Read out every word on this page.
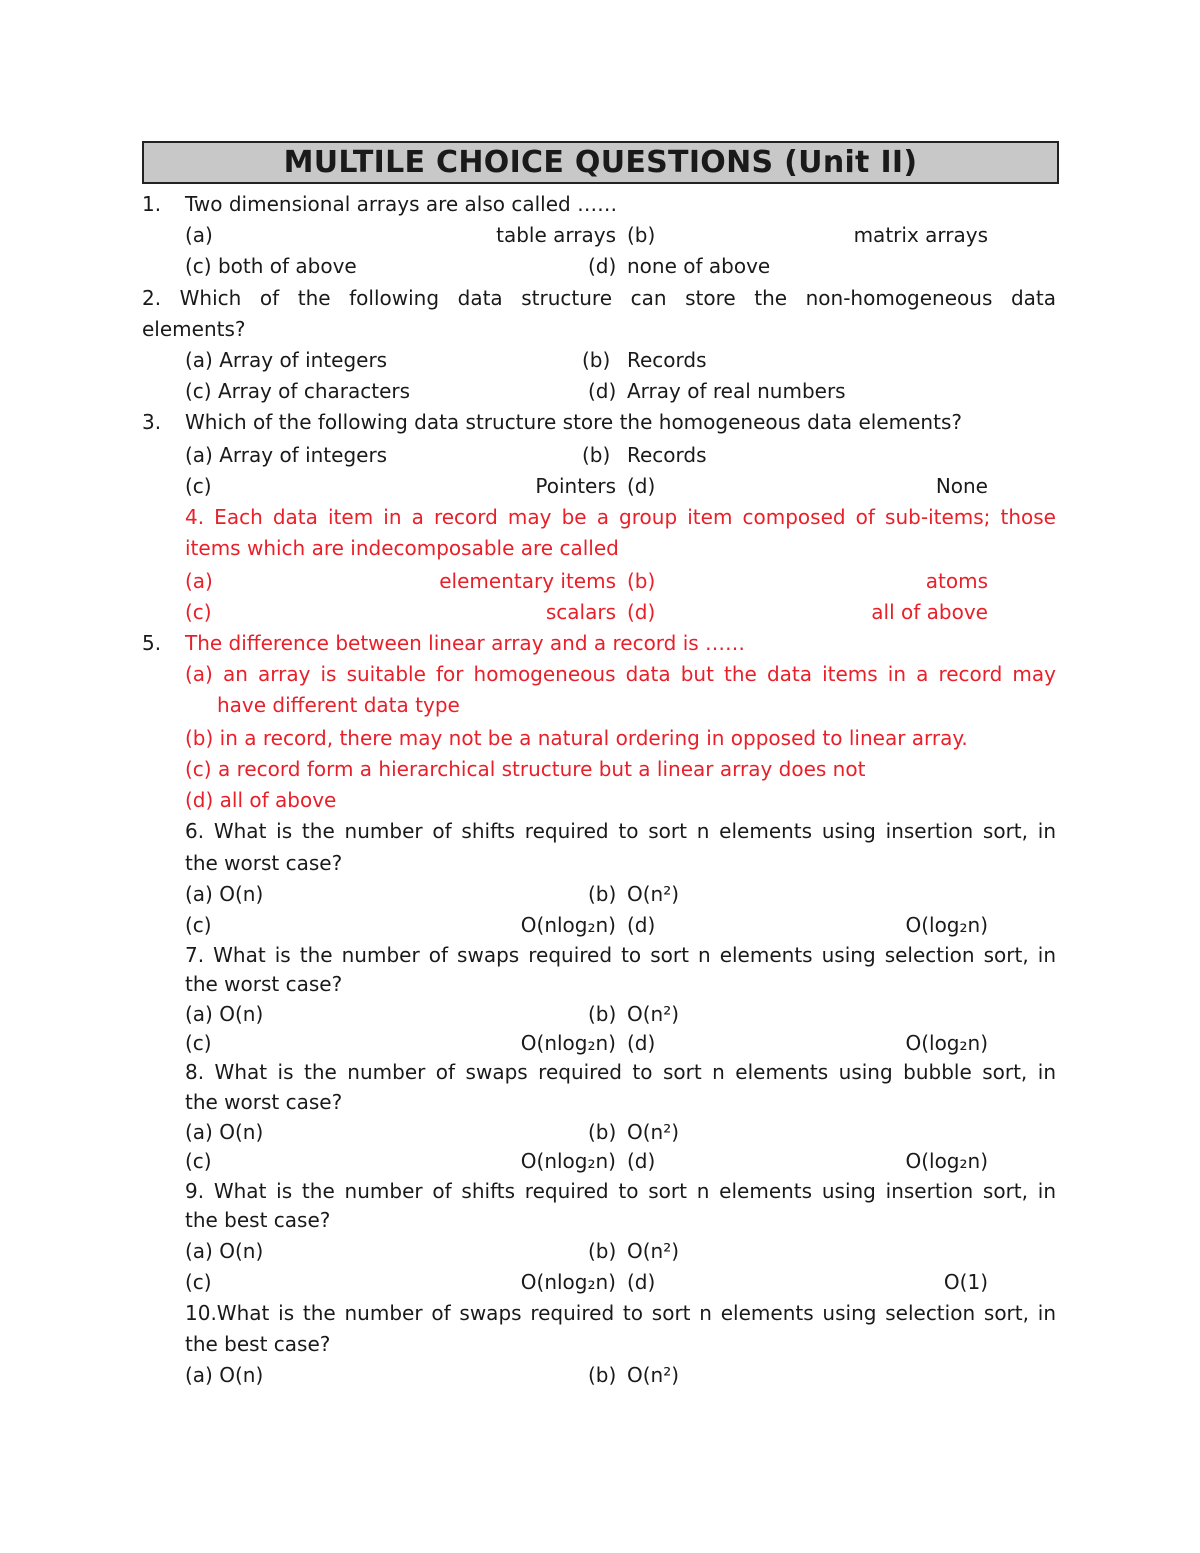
MULTILE CHOICE QUESTIONS (Unit II)
1. Two dimensional arrays are also called ……
(a)	table arrays (b)	matrix arrays
(c) both of above	(d) none of above
2. Which of the following data structure can store the non-homogeneous data
elements?
(a) Array of integers	(b) Records
(c) Array of characters	(d) Array of real numbers
3. Which of the following data structure store the homogeneous data elements?
(a) Array of integers	(b) Records
(c)	Pointers (d)	None
4. Each data item in a record may be a group item composed of sub-items; those
items which are indecomposable are called
(a)	elementary items (b)	atoms
(c)	scalars (d)	all of above
5. The difference between linear array and a record is ……
(a) an array is suitable for homogeneous data but the data items in a record may
have different data type
(b) in a record, there may not be a natural ordering in opposed to linear array.
(c) a record form a hierarchical structure but a linear array does not
(d) all of above
6. What is the number of shifts required to sort n elements using insertion sort, in
the worst case?
(a) O(n)	(b) O(n²)
(c)	O(nlog₂n) (d)	O(log₂n)
7. What is the number of swaps required to sort n elements using selection sort, in
the worst case?
(a) O(n)	(b) O(n²)
(c)	O(nlog₂n) (d)	O(log₂n)
8. What is the number of swaps required to sort n elements using bubble sort, in
the worst case?
(a) O(n)	(b) O(n²)
(c)	O(nlog₂n) (d)	O(log₂n)
9. What is the number of shifts required to sort n elements using insertion sort, in
the best case?
(a) O(n)	(b) O(n²)
(c)	O(nlog₂n) (d)	O(1)
10.What is the number of swaps required to sort n elements using selection sort, in
the best case?
(a) O(n)	(b) O(n²)
